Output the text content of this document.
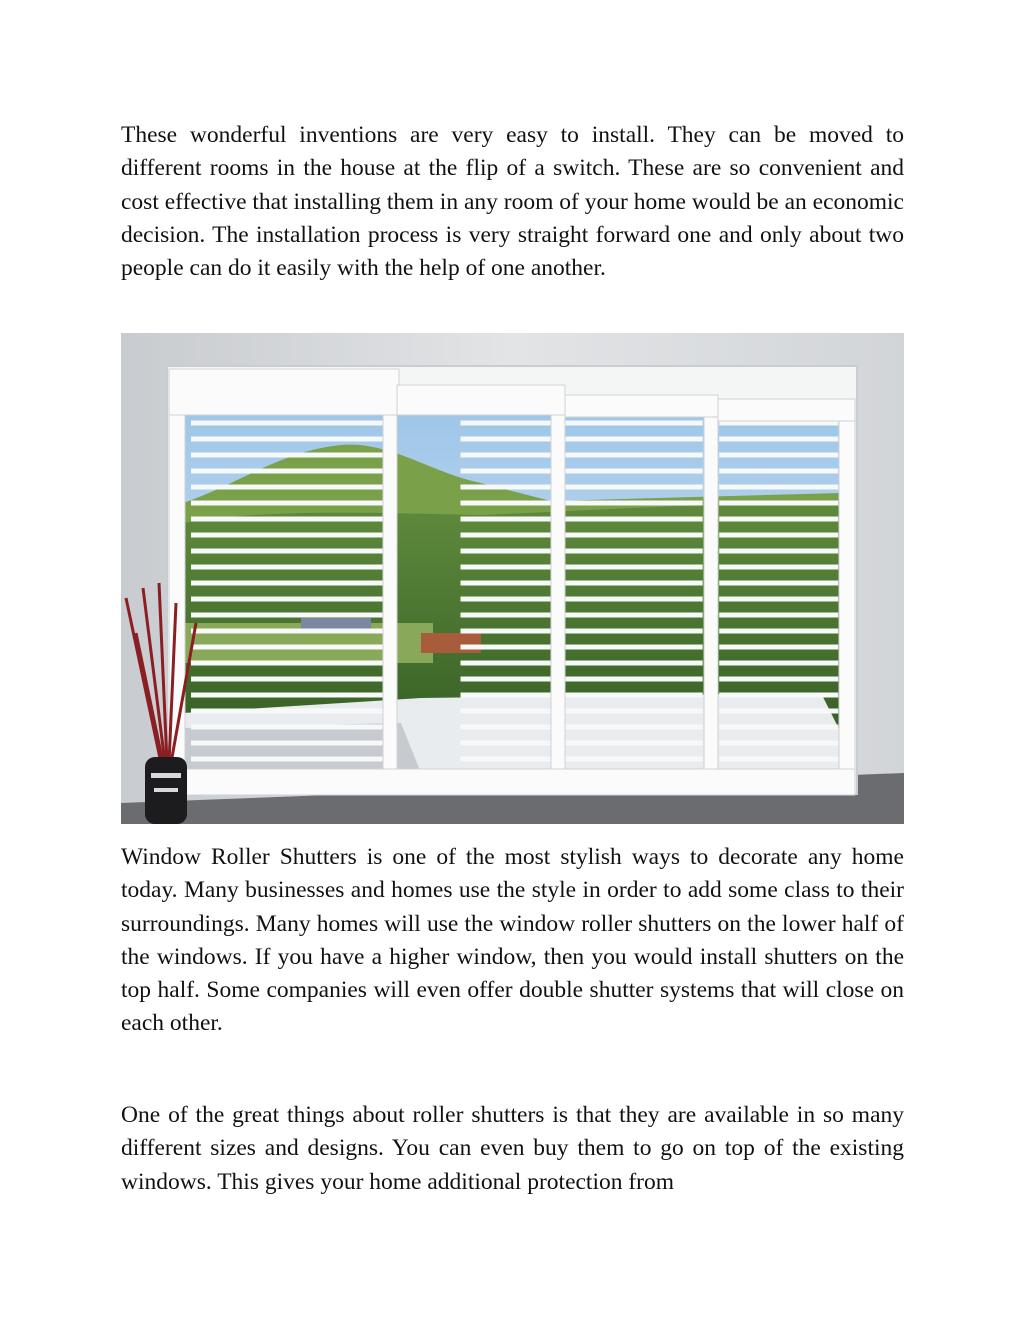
These wonderful inventions are very easy to install. They can be moved to different rooms in the house at the flip of a switch. These are so convenient and cost effective that installing them in any room of your home would be an economic decision. The installation process is very straight forward one and only about two people can do it easily with the help of one another.

Window Roller Shutters is one of the most stylish ways to decorate any home today. Many businesses and homes use the style in order to add some class to their surroundings. Many homes will use the window roller shutters on the lower half of the windows. If you have a higher window, then you would install shutters on the top half. Some companies will even offer double shutter systems that will close on each other.

One of the great things about roller shutters is that they are available in so many different sizes and designs. You can even buy them to go on top of the existing windows. This gives your home additional protection from
